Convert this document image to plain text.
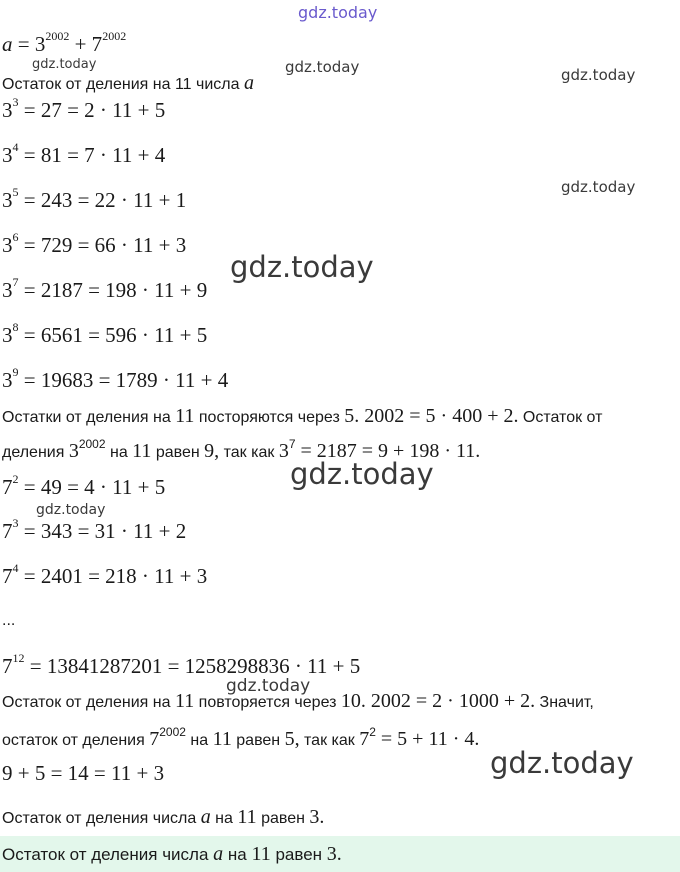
gdz.today
gdz.today	gdz.today	gdz.today
gdz.today
gdz.today
gdz.today
gdz.today
gdz.today
gdz.today
$a = 3^{2002} + 7^{2002}$
Остаток от деления на 11 числа a
$3^3 = 27 = 2 \cdot 11 + 5$
$3^4 = 81 = 7 \cdot 11 + 4$
$3^5 = 243 = 22 \cdot 11 + 1$
$3^6 = 729 = 66 \cdot 11 + 3$
$3^7 = 2187 = 198 \cdot 11 + 9$
$3^8 = 6561 = 596 \cdot 11 + 5$
$3^9 = 19683 = 1789 \cdot 11 + 4$
Остатки от деления на 11 посторяются через 5. 2002 = 5 · 400 + 2. Остаток от
деления $3^{2002}$ на 11 равен 9, так как $3^7 = 2187 = 9 + 198 \cdot 11$.
$7^2 = 49 = 4 \cdot 11 + 5$
$7^3 = 343 = 31 \cdot 11 + 2$
$7^4 = 2401 = 218 \cdot 11 + 3$
...
$7^{12} = 13841287201 = 1258298836 \cdot 11 + 5$
Остаток от деления на 11 повторяется через 10. 2002 = 2 · 1000 + 2. Значит,
остаток от деления $7^{2002}$ на 11 равен 5, так как $7^2 = 5 + 11 \cdot 4$.
9 + 5 = 14 = 11 + 3
Остаток от деления числа a на 11 равен 3.
Остаток от деления числа a на 11 равен 3.
